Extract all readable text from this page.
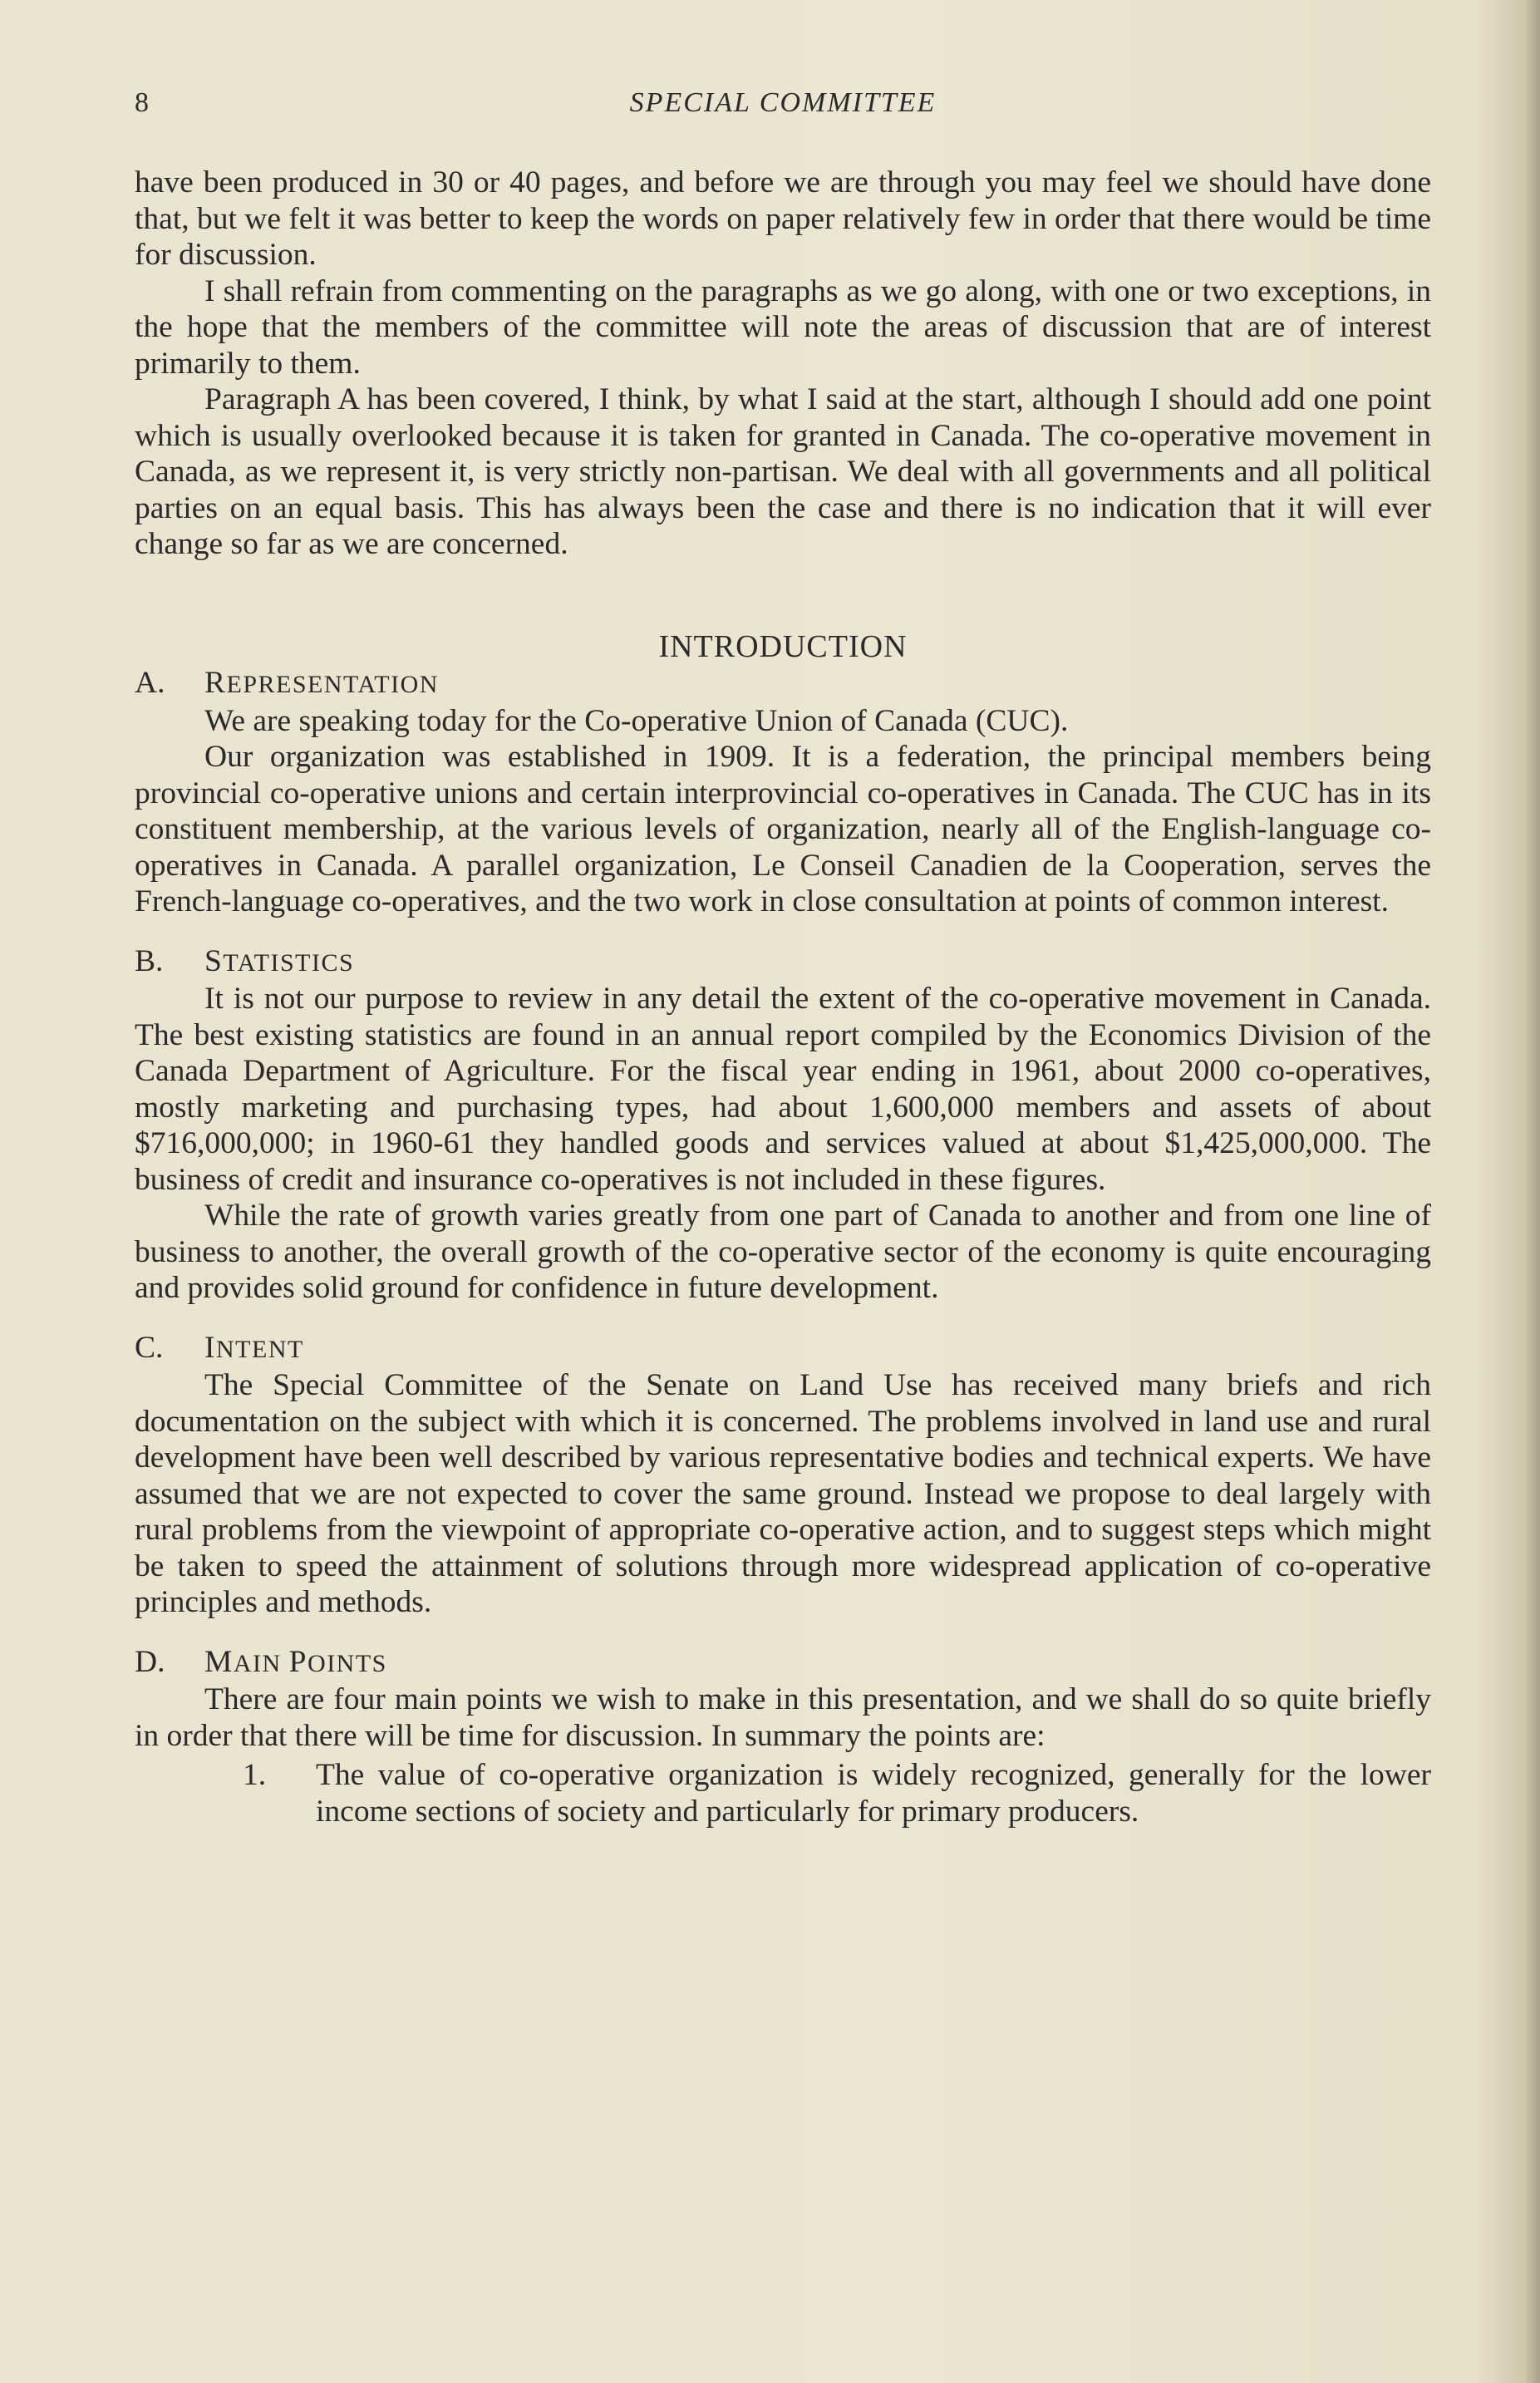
8	SPECIAL COMMITTEE

have been produced in 30 or 40 pages, and before we are through you may feel we should have done that, but we felt it was better to keep the words on paper relatively few in order that there would be time for discussion.

I shall refrain from commenting on the paragraphs as we go along, with one or two exceptions, in the hope that the members of the committee will note the areas of discussion that are of interest primarily to them.

Paragraph A has been covered, I think, by what I said at the start, although I should add one point which is usually overlooked because it is taken for granted in Canada. The co-operative movement in Canada, as we represent it, is very strictly non-partisan. We deal with all governments and all political parties on an equal basis. This has always been the case and there is no indication that it will ever change so far as we are concerned.

INTRODUCTION

A. REPRESENTATION

We are speaking today for the Co-operative Union of Canada (CUC).

Our organization was established in 1909. It is a federation, the principal members being provincial co-operative unions and certain interprovincial co-operatives in Canada. The CUC has in its constituent membership, at the various levels of organization, nearly all of the English-language co-operatives in Canada. A parallel organization, Le Conseil Canadien de la Cooperation, serves the French-language co-operatives, and the two work in close consultation at points of common interest.

B. STATISTICS

It is not our purpose to review in any detail the extent of the co-operative movement in Canada. The best existing statistics are found in an annual report compiled by the Economics Division of the Canada Department of Agriculture. For the fiscal year ending in 1961, about 2000 co-operatives, mostly marketing and purchasing types, had about 1,600,000 members and assets of about $716,000,000; in 1960-61 they handled goods and services valued at about $1,425,000,000. The business of credit and insurance co-operatives is not included in these figures.

While the rate of growth varies greatly from one part of Canada to another and from one line of business to another, the overall growth of the co-operative sector of the economy is quite encouraging and provides solid ground for confidence in future development.

C. INTENT

The Special Committee of the Senate on Land Use has received many briefs and rich documentation on the subject with which it is concerned. The problems involved in land use and rural development have been well described by various representative bodies and technical experts. We have assumed that we are not expected to cover the same ground. Instead we propose to deal largely with rural problems from the viewpoint of appropriate co-operative action, and to suggest steps which might be taken to speed the attainment of solutions through more widespread application of co-operative principles and methods.

D. MAIN POINTS

There are four main points we wish to make in this presentation, and we shall do so quite briefly in order that there will be time for discussion. In summary the points are:

1.	The value of co-operative organization is widely recognized, generally for the lower income sections of society and particularly for primary producers.
